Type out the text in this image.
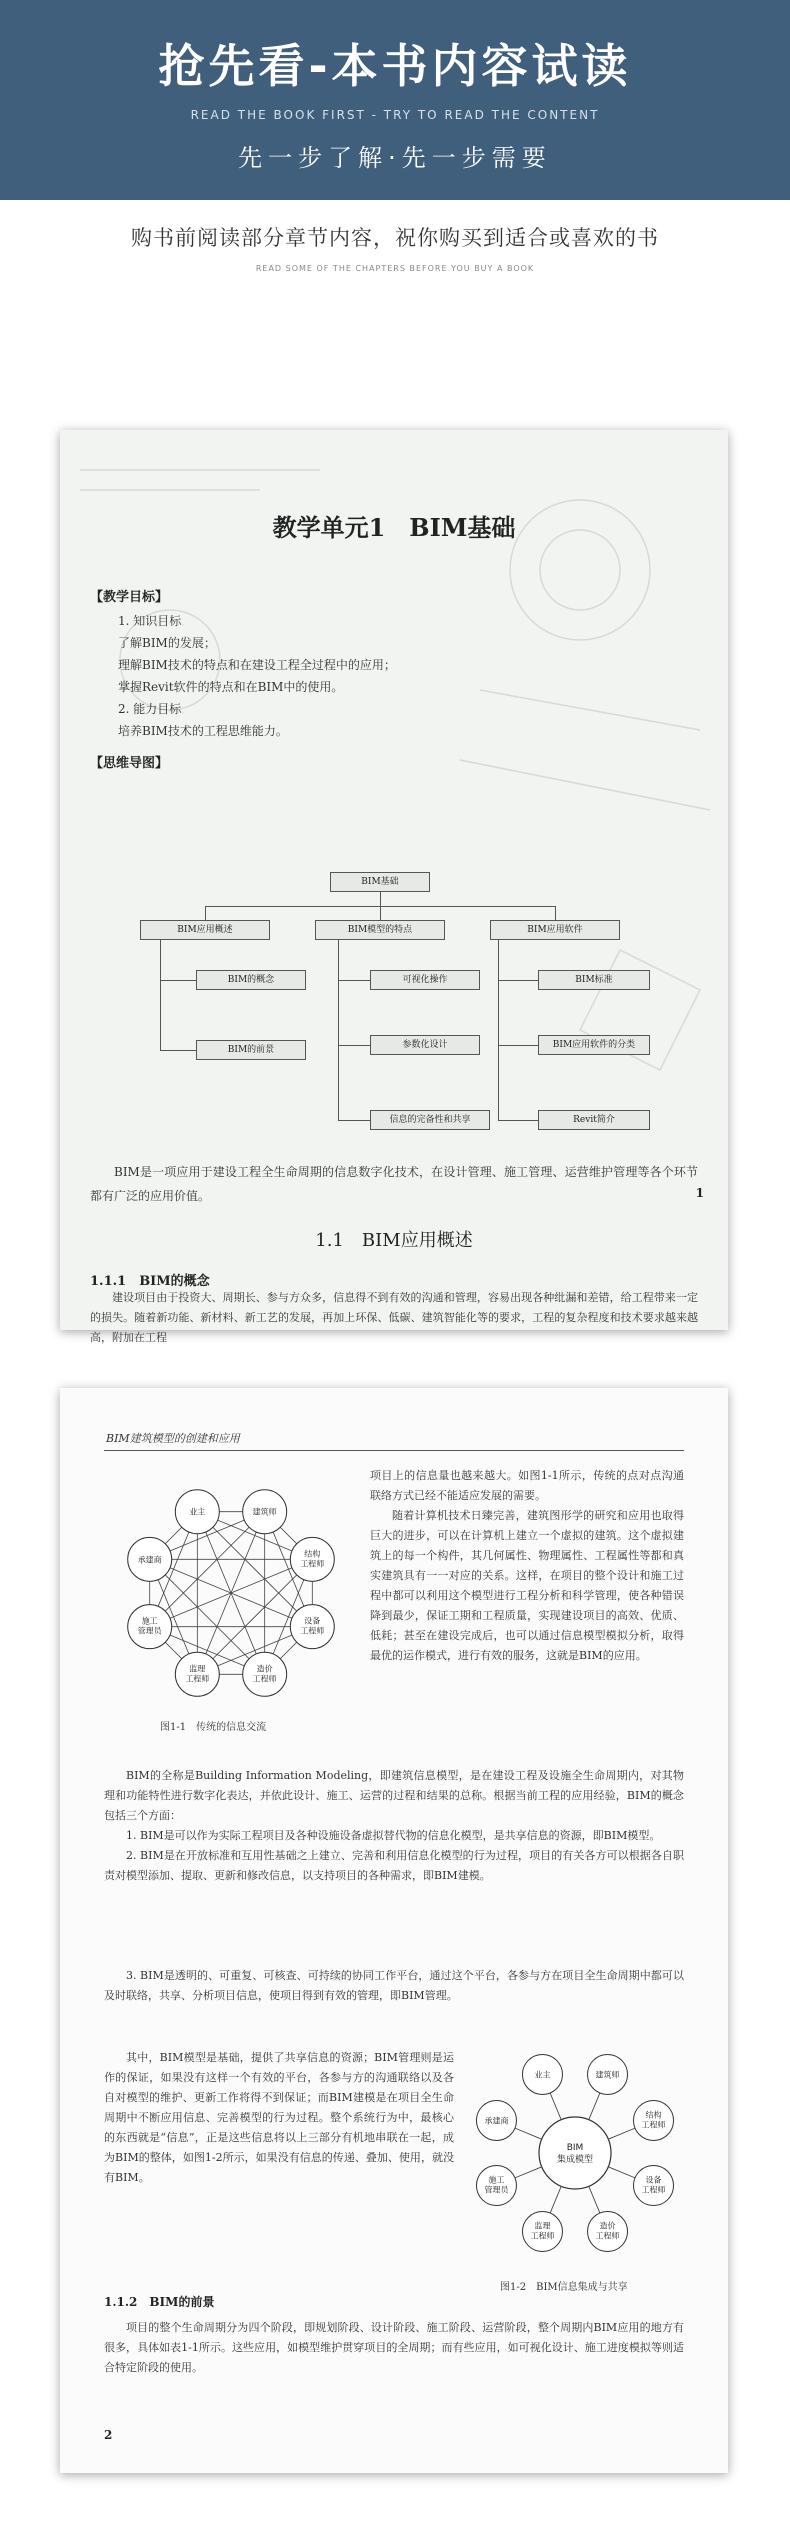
抢先看-本书内容试读
READ THE BOOK FIRST - TRY TO READ THE CONTENT
先一步了解·先一步需要
购书前阅读部分章节内容，祝你购买到适合或喜欢的书
READ SOME OF THE CHAPTERS BEFORE YOU BUY A BOOK
教学单元1　BIM基础
【教学目标】
1. 知识目标
了解BIM的发展；
理解BIM技术的特点和在建设工程全过程中的应用；
掌握Revit软件的特点和在BIM中的使用。
2. 能力目标
培养BIM技术的工程思维能力。
【思维导图】
BIM基础
BIM应用概述	BIM模型的特点	BIM应用软件
BIM的概念
BIM的前景
可视化操作
参数化设计
信息的完备性和共享
BIM标准
BIM应用软件的分类
Revit简介
BIM是一项应用于建设工程全生命周期的信息数字化技术，在设计管理、施工管理、运营维护管理等各个环节都有广泛的应用价值。
1.1　BIM应用概述
1.1.1　BIM的概念
建设项目由于投资大、周期长、参与方众多，信息得不到有效的沟通和管理，容易出现各种纰漏和差错，给工程带来一定的损失。随着新功能、新材料、新工艺的发展，再加上环保、低碳、建筑智能化等的要求，工程的复杂程度和技术要求越来越高，附加在工程
1
BIM建筑模型的创建和应用
建筑师
结构工程师
设备工程师
造价工程师
监理工程师
施工管理员
承建商
业主
图1-1　传统的信息交流
项目上的信息量也越来越大。如图1-1所示，传统的点对点沟通联络方式已经不能适应发展的需要。
随着计算机技术日臻完善，建筑图形学的研究和应用也取得巨大的进步，可以在计算机上建立一个虚拟的建筑。这个虚拟建筑上的每一个构件，其几何属性、物理属性、工程属性等都和真实建筑具有一一对应的关系。这样，在项目的整个设计和施工过程中都可以利用这个模型进行工程分析和科学管理，使各种错误降到最少，保证工期和工程质量，实现建设项目的高效、优质、低耗；甚至在建设完成后，也可以通过信息模型模拟分析，取得最优的运作模式，进行有效的服务，这就是BIM的应用。
BIM的全称是Building Information Modeling，即建筑信息模型，是在建设工程及设施全生命周期内，对其物理和功能特性进行数字化表达，并依此设计、施工、运营的过程和结果的总称。根据当前工程的应用经验，BIM的概念包括三个方面：
1. BIM是可以作为实际工程项目及各种设施设备虚拟替代物的信息化模型，是共享信息的资源，即BIM模型。
2. BIM是在开放标准和互用性基础之上建立、完善和利用信息化模型的行为过程，项目的有关各方可以根据各自职责对模型添加、提取、更新和修改信息，以支持项目的各种需求，即BIM建模。
3. BIM是透明的、可重复、可核查、可持续的协同工作平台，通过这个平台，各参与方在项目全生命周期中都可以及时联络，共享、分析项目信息，使项目得到有效的管理，即BIM管理。
其中，BIM模型是基础，提供了共享信息的资源；BIM管理则是运作的保证，如果没有这样一个有效的平台，各参与方的沟通联络以及各自对模型的维护、更新工作将得不到保证；而BIM建模是在项目全生命周期中不断应用信息、完善模型的行为过程。整个系统行为中，最核心的东西就是“信息”，正是这些信息将以上三部分有机地串联在一起，成为BIM的整体，如图1-2所示，如果没有信息的传递、叠加、使用，就没有BIM。
BIM 集成模型
建筑师
结构工程师
设备工程师
造价工程师
监理工程师
施工管理员
承建商
业主
图1-2　BIM信息集成与共享
1.1.2　BIM的前景
项目的整个生命周期分为四个阶段，即规划阶段、设计阶段、施工阶段、运营阶段，整个周期内BIM应用的地方有很多，具体如表1-1所示。这些应用，如模型维护贯穿项目的全周期；而有些应用，如可视化设计、施工进度模拟等则适合特定阶段的使用。
2
